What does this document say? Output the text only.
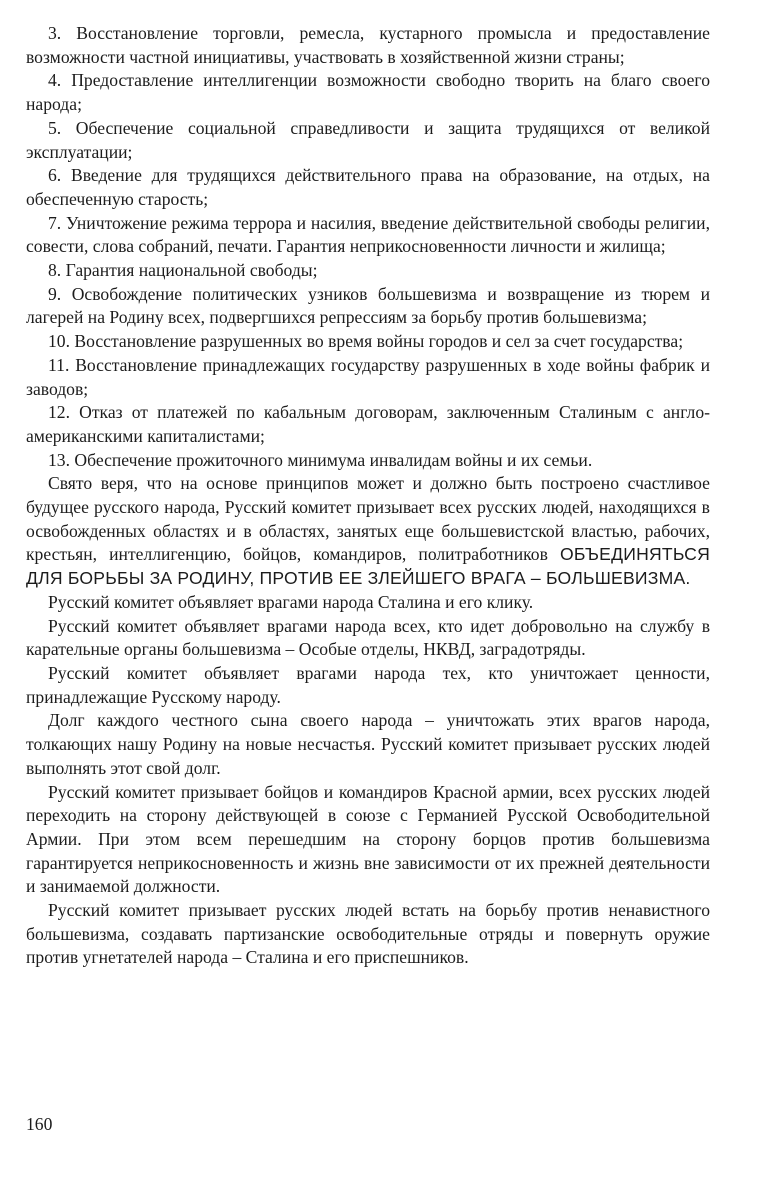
3. Восстановление торговли, ремесла, кустарного промысла и предоставление возможности частной инициативы, участвовать в хозяйственной жизни страны;

4. Предоставление интеллигенции возможности свободно творить на благо своего народа;

5. Обеспечение социальной справедливости и защита трудящихся от великой эксплуатации;

6. Введение для трудящихся действительного права на образование, на отдых, на обеспеченную старость;

7. Уничтожение режима террора и насилия, введение действительной свободы религии, совести, слова собраний, печати. Гарантия неприкосновенности личности и жилища;

8. Гарантия национальной свободы;

9. Освобождение политических узников большевизма и возвращение из тюрем и лагерей на Родину всех, подвергшихся репрессиям за борьбу против большевизма;

10. Восстановление разрушенных во время войны городов и сел за счет государства;

11. Восстановление принадлежащих государству разрушенных в ходе войны фабрик и заводов;

12. Отказ от платежей по кабальным договорам, заключенным Сталиным с англо-американскими капиталистами;

13. Обеспечение прожиточного минимума инвалидам войны и их семьи.

Свято веря, что на основе принципов может и должно быть построено счастливое будущее русского народа, Русский комитет призывает всех русских людей, находящихся в освобожденных областях и в областях, занятых еще большевистской властью, рабочих, крестьян, интеллигенцию, бойцов, командиров, политработников ОБЪЕДИНЯТЬСЯ ДЛЯ БОРЬБЫ ЗА РОДИНУ, ПРОТИВ ЕЕ ЗЛЕЙШЕГО ВРАГА – БОЛЬШЕВИЗМА.

Русский комитет объявляет врагами народа Сталина и его клику.

Русский комитет объявляет врагами народа всех, кто идет добровольно на службу в карательные органы большевизма – Особые отделы, НКВД, заградотряды.

Русский комитет объявляет врагами народа тех, кто уничтожает ценности, принадлежащие Русскому народу.

Долг каждого честного сына своего народа – уничтожать этих врагов народа, толкающих нашу Родину на новые несчастья. Русский комитет призывает русских людей выполнять этот свой долг.

Русский комитет призывает бойцов и командиров Красной армии, всех русских людей переходить на сторону действующей в союзе с Германией Русской Освободительной Армии. При этом всем перешедшим на сторону борцов против большевизма гарантируется неприкосновенность и жизнь вне зависимости от их прежней деятельности и занимаемой должности.

Русский комитет призывает русских людей встать на борьбу против ненавистного большевизма, создавать партизанские освободительные отряды и повернуть оружие против угнетателей народа – Сталина и его приспешников.

160
